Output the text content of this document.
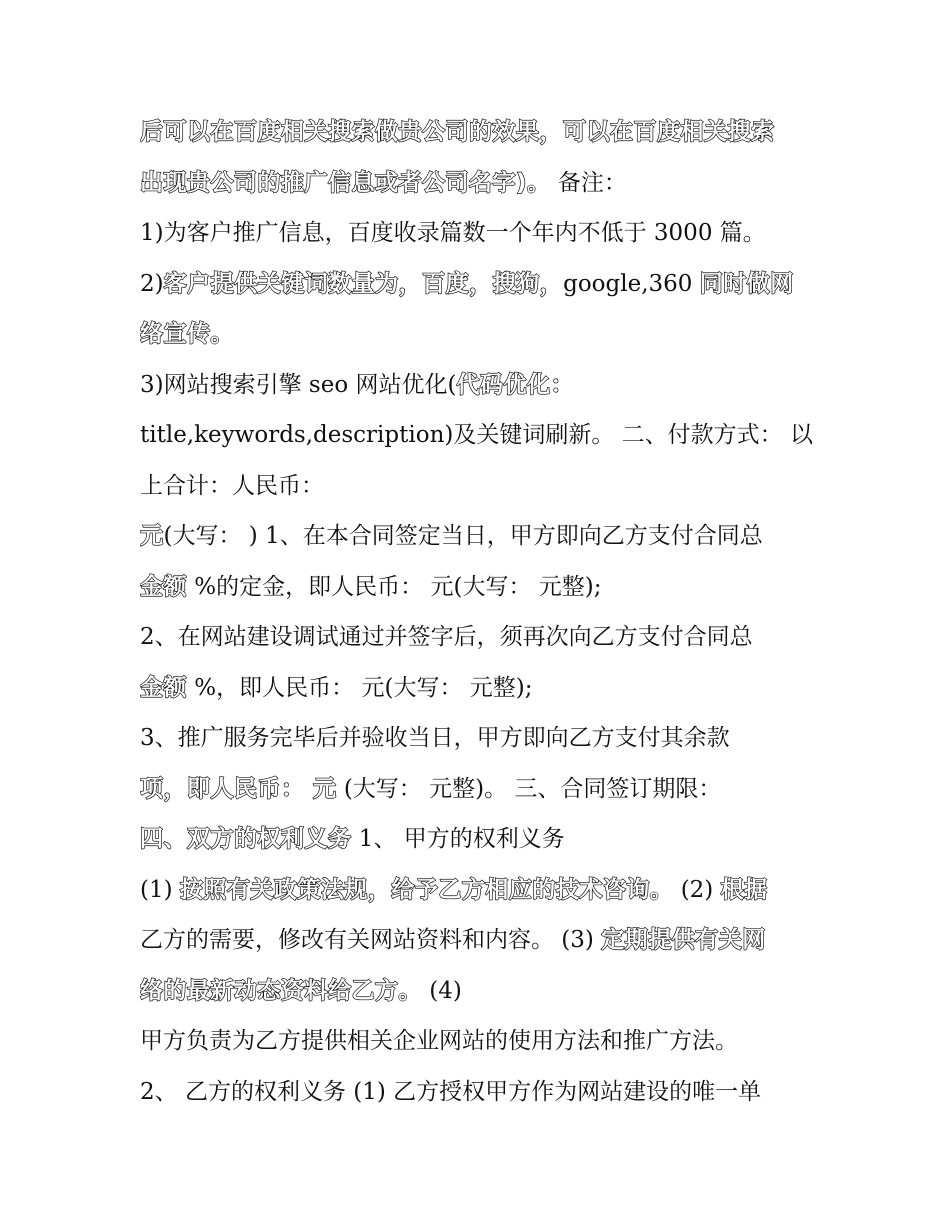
后可以在百度相关搜索做贵公司的效果，可以在百度相关搜索
出现贵公司的推广信息或者公司名字)。 备注：
1)为客户推广信息，百度收录篇数一个年内不低于 3000 篇。
2)客户提供关键词数量为，百度，搜狗，google,360 同时做网
络宣传。
3)网站搜索引擎 seo 网站优化(代码优化：
title,keywords,description)及关键词刷新。 二、付款方式： 以
上合计：人民币：
元(大写： ) 1、在本合同签定当日，甲方即向乙方支付合同总
金额 %的定金，即人民币： 元(大写： 元整);
2、在网站建设调试通过并签字后，须再次向乙方支付合同总
金额 %，即人民币： 元(大写： 元整);
3、推广服务完毕后并验收当日，甲方即向乙方支付其余款
项，即人民币： 元 (大写： 元整)。 三、合同签订期限：
四、双方的权利义务 1、 甲方的权利义务
(1) 按照有关政策法规，给予乙方相应的技术咨询。 (2) 根据
乙方的需要，修改有关网站资料和内容。 (3) 定期提供有关网
络的最新动态资料给乙方。 (4)
甲方负责为乙方提供相关企业网站的使用方法和推广方法。
2、 乙方的权利义务 (1) 乙方授权甲方作为网站建设的唯一单
